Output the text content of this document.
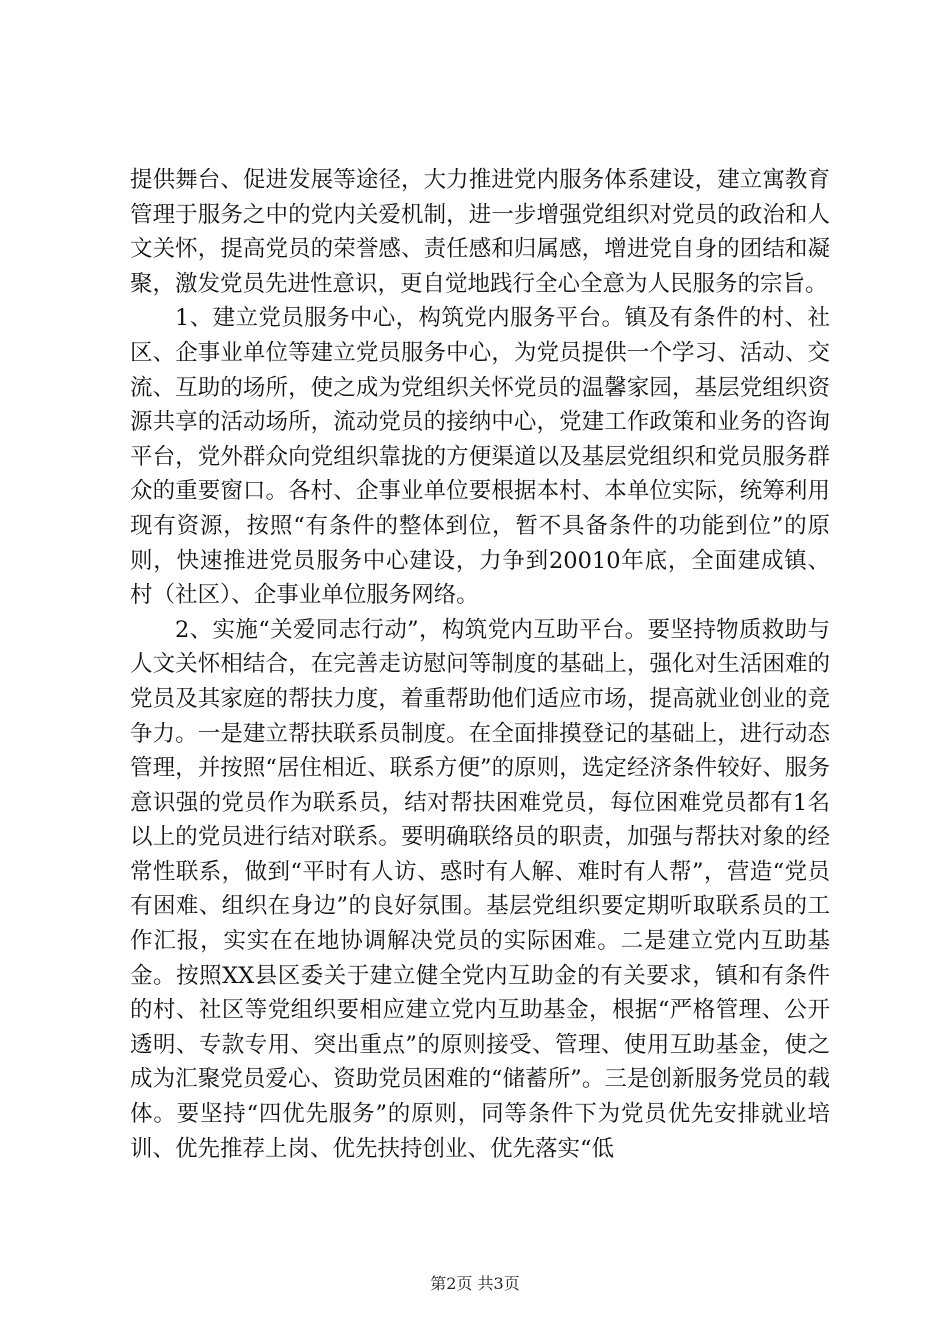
提供舞台、促进发展等途径，大力推进党内服务体系建设，建立寓教育管理于服务之中的党内关爱机制，进一步增强党组织对党员的政治和人文关怀，提高党员的荣誉感、责任感和归属感，增进党自身的团结和凝聚，激发党员先进性意识，更自觉地践行全心全意为人民服务的宗旨。

1、建立党员服务中心，构筑党内服务平台。镇及有条件的村、社区、企事业单位等建立党员服务中心，为党员提供一个学习、活动、交流、互助的场所，使之成为党组织关怀党员的温馨家园，基层党组织资源共享的活动场所，流动党员的接纳中心，党建工作政策和业务的咨询平台，党外群众向党组织靠拢的方便渠道以及基层党组织和党员服务群众的重要窗口。各村、企事业单位要根据本村、本单位实际，统筹利用现有资源，按照“有条件的整体到位，暂不具备条件的功能到位”的原则，快速推进党员服务中心建设，力争到20010年底，全面建成镇、村（社区）、企事业单位服务网络。

2、实施“关爱同志行动”，构筑党内互助平台。要坚持物质救助与人文关怀相结合，在完善走访慰问等制度的基础上，强化对生活困难的党员及其家庭的帮扶力度，着重帮助他们适应市场，提高就业创业的竞争力。一是建立帮扶联系员制度。在全面排摸登记的基础上，进行动态管理，并按照“居住相近、联系方便”的原则，选定经济条件较好、服务意识强的党员作为联系员，结对帮扶困难党员，每位困难党员都有1名以上的党员进行结对联系。要明确联络员的职责，加强与帮扶对象的经常性联系，做到“平时有人访、惑时有人解、难时有人帮”，营造“党员有困难、组织在身边”的良好氛围。基层党组织要定期听取联系员的工作汇报，实实在在地协调解决党员的实际困难。二是建立党内互助基金。按照XX县区委关于建立健全党内互助金的有关要求，镇和有条件的村、社区等党组织要相应建立党内互助基金，根据“严格管理、公开透明、专款专用、突出重点”的原则接受、管理、使用互助基金，使之成为汇聚党员爱心、资助党员困难的“储蓄所”。三是创新服务党员的载体。要坚持“四优先服务”的原则，同等条件下为党员优先安排就业培训、优先推荐上岗、优先扶持创业、优先落实“低

第2页 共3页
